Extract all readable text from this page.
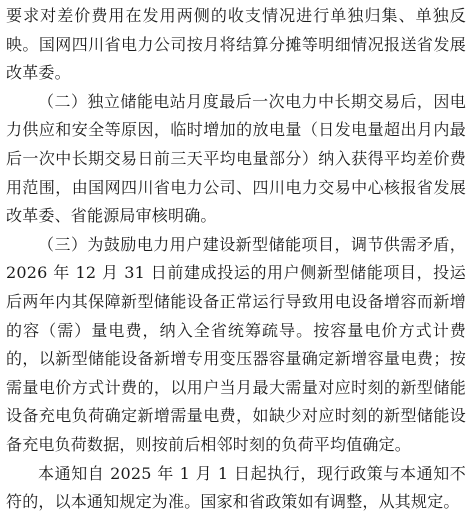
要求对差价费用在发用两侧的收支情况进行单独归集、单独反映。国网四川省电力公司按月将结算分摊等明细情况报送省发展改革委。

（二）独立储能电站月度最后一次电力中长期交易后，因电力供应和安全等原因，临时增加的放电量（日发电量超出月内最后一次中长期交易日前三天平均电量部分）纳入获得平均差价费用范围，由国网四川省电力公司、四川电力交易中心核报省发展改革委、省能源局审核明确。

（三）为鼓励电力用户建设新型储能项目，调节供需矛盾，2026 年 12 月 31 日前建成投运的用户侧新型储能项目，投运后两年内其保障新型储能设备正常运行导致用电设备增容而新增的容（需）量电费，纳入全省统筹疏导。按容量电价方式计费的，以新型储能设备新增专用变压器容量确定新增容量电费；按需量电价方式计费的，以用户当月最大需量对应时刻的新型储能设备充电负荷确定新增需量电费，如缺少对应时刻的新型储能设备充电负荷数据，则按前后相邻时刻的负荷平均值确定。

本通知自 2025 年 1 月 1 日起执行，现行政策与本通知不符的，以本通知规定为准。国家和省政策如有调整，从其规定。
